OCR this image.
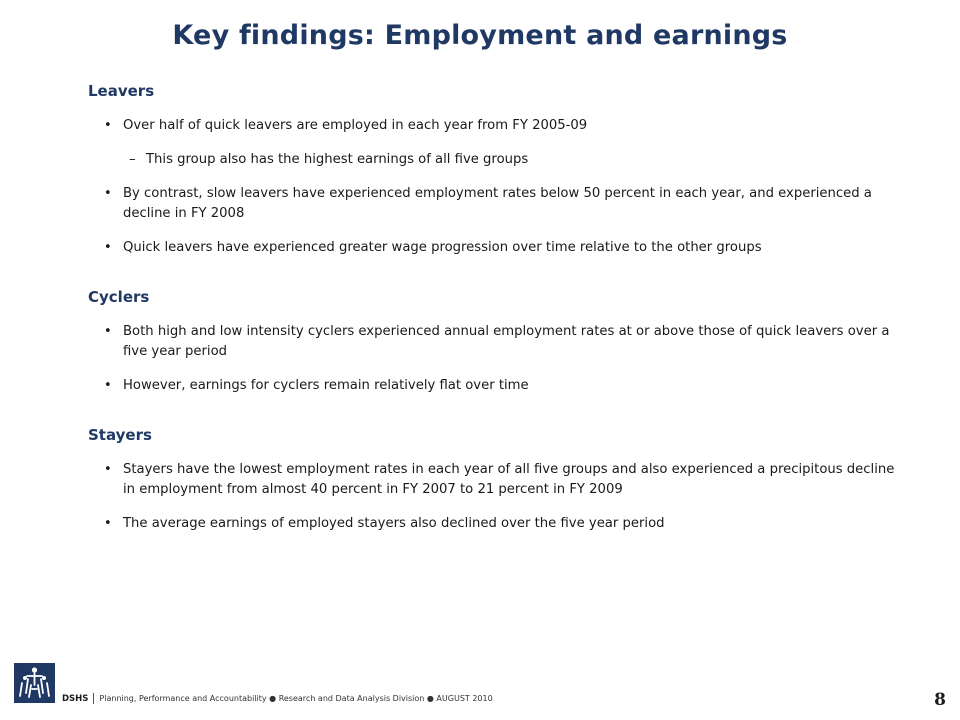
Key findings: Employment and earnings
Leavers
• Over half of quick leavers are employed in each year from FY 2005-09
– This group also has the highest earnings of all five groups
• By contrast, slow leavers have experienced employment rates below 50 percent in each year, and experienced a decline in FY 2008
• Quick leavers have experienced greater wage progression over time relative to the other groups
Cyclers
• Both high and low intensity cyclers experienced annual employment rates at or above those of quick leavers over a five year period
• However, earnings for cyclers remain relatively flat over time
Stayers
• Stayers have the lowest employment rates in each year of all five groups and also experienced a precipitous decline in employment from almost 40 percent in FY 2007 to 21 percent in FY 2009
• The average earnings of employed stayers also declined over the five year period
DSHS Planning, Performance and Accountability ● Research and Data Analysis Division ● AUGUST 2010	8
